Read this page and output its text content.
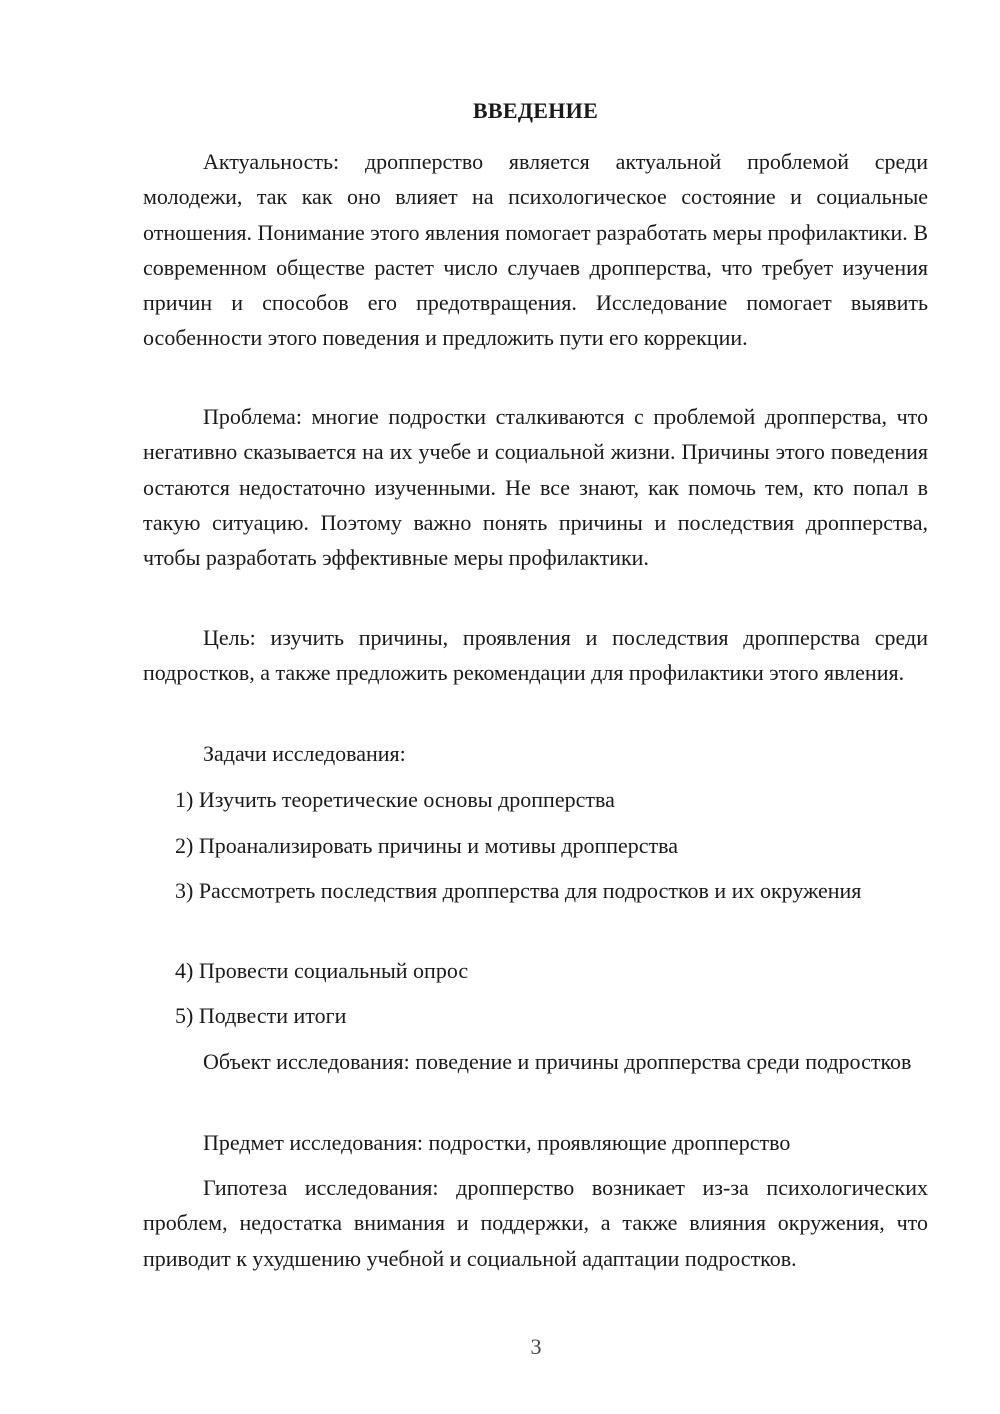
ВВЕДЕНИЕ

Актуальность: дропперство является актуальной проблемой среди молодежи, так как оно влияет на психологическое состояние и социальные отношения. Понимание этого явления помогает разработать меры профилактики. В современном обществе растет число случаев дропперства, что требует изучения причин и способов его предотвращения. Исследование помогает выявить особенности этого поведения и предложить пути его коррекции.

Проблема: многие подростки сталкиваются с проблемой дропперства, что негативно сказывается на их учебе и социальной жизни. Причины этого поведения остаются недостаточно изученными. Не все знают, как помочь тем, кто попал в такую ситуацию. Поэтому важно понять причины и последствия дропперства, чтобы разработать эффективные меры профилактики.

Цель: изучить причины, проявления и последствия дропперства среди подростков, а также предложить рекомендации для профилактики этого явления.

Задачи исследования:

1) Изучить теоретические основы дропперства

2) Проанализировать причины и мотивы дропперства

3) Рассмотреть последствия дропперства для подростков и их окружения

4) Провести социальный опрос

5) Подвести итоги

Объект исследования: поведение и причины дропперства среди подростков

Предмет исследования: подростки, проявляющие дропперство

Гипотеза исследования: дропперство возникает из-за психологических проблем, недостатка внимания и поддержки, а также влияния окружения, что приводит к ухудшению учебной и социальной адаптации подростков.

3
